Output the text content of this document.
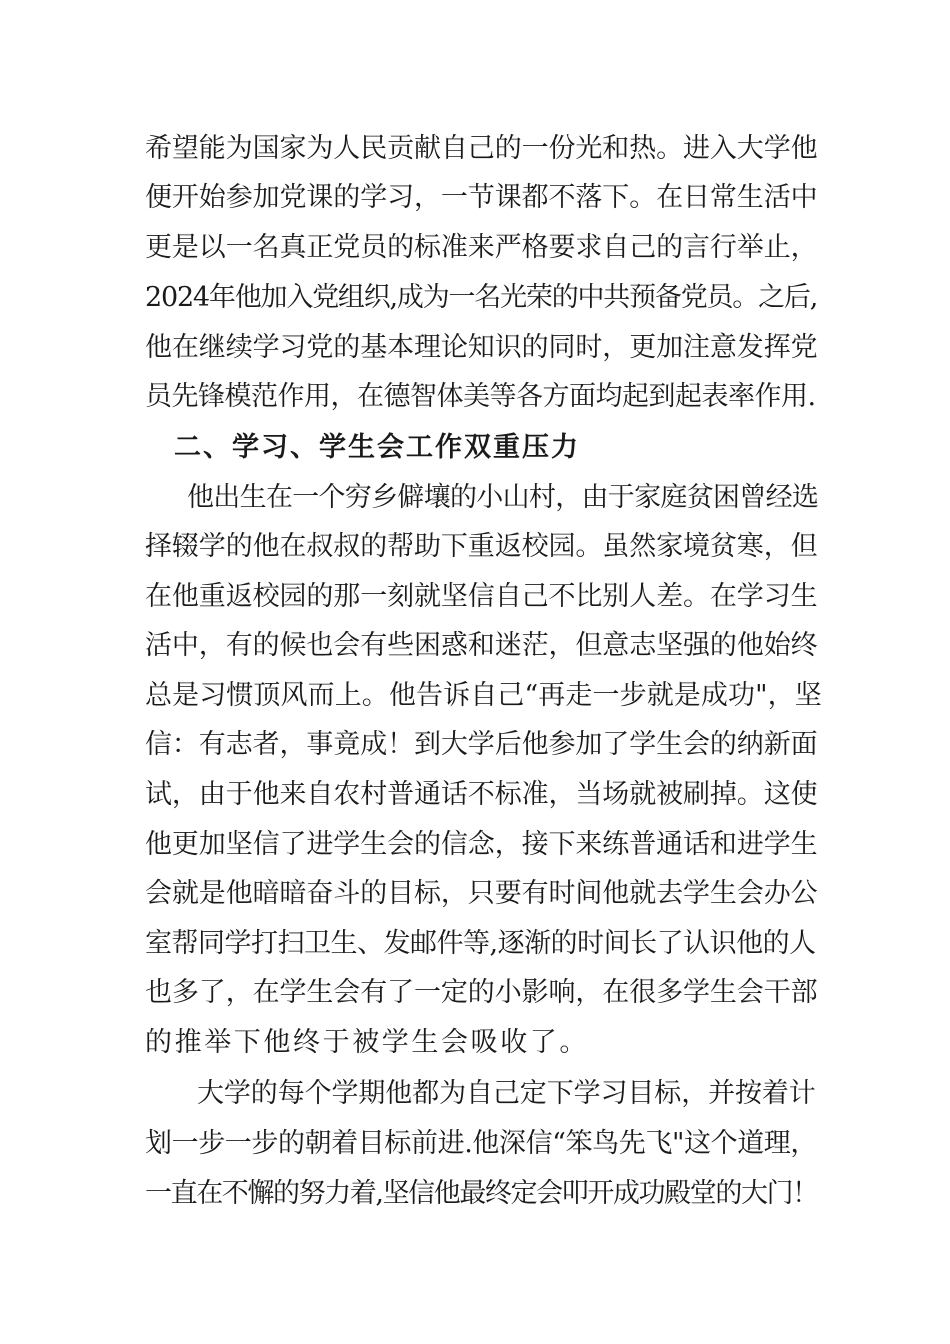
希望能为国家为人民贡献自己的一份光和热。进入大学他
便开始参加党课的学习，一节课都不落下。在日常生活中
更是以一名真正党员的标准来严格要求自己的言行举止，
2024年他加入党组织,成为一名光荣的中共预备党员。之后,
他在继续学习党的基本理论知识的同时，更加注意发挥党
员先锋模范作用，在德智体美等各方面均起到起表率作用.
二、学习、学生会工作双重压力
他出生在一个穷乡僻壤的小山村，由于家庭贫困曾经选
择辍学的他在叔叔的帮助下重返校园。虽然家境贫寒，但
在他重返校园的那一刻就坚信自己不比别人差。在学习生
活中，有的候也会有些困惑和迷茫，但意志坚强的他始终
总是习惯顶风而上。他告诉自己“再走一步就是成功"，坚
信：有志者，事竟成！到大学后他参加了学生会的纳新面
试，由于他来自农村普通话不标准，当场就被刷掉。这使
他更加坚信了进学生会的信念，接下来练普通话和进学生
会就是他暗暗奋斗的目标，只要有时间他就去学生会办公
室帮同学打扫卫生、发邮件等,逐渐的时间长了认识他的人
也多了，在学生会有了一定的小影响，在很多学生会干部
的推举下他终于被学生会吸收了。
大学的每个学期他都为自己定下学习目标，并按着计
划一步一步的朝着目标前进.他深信“笨鸟先飞"这个道理，
一直在不懈的努力着,坚信他最终定会叩开成功殿堂的大门！
